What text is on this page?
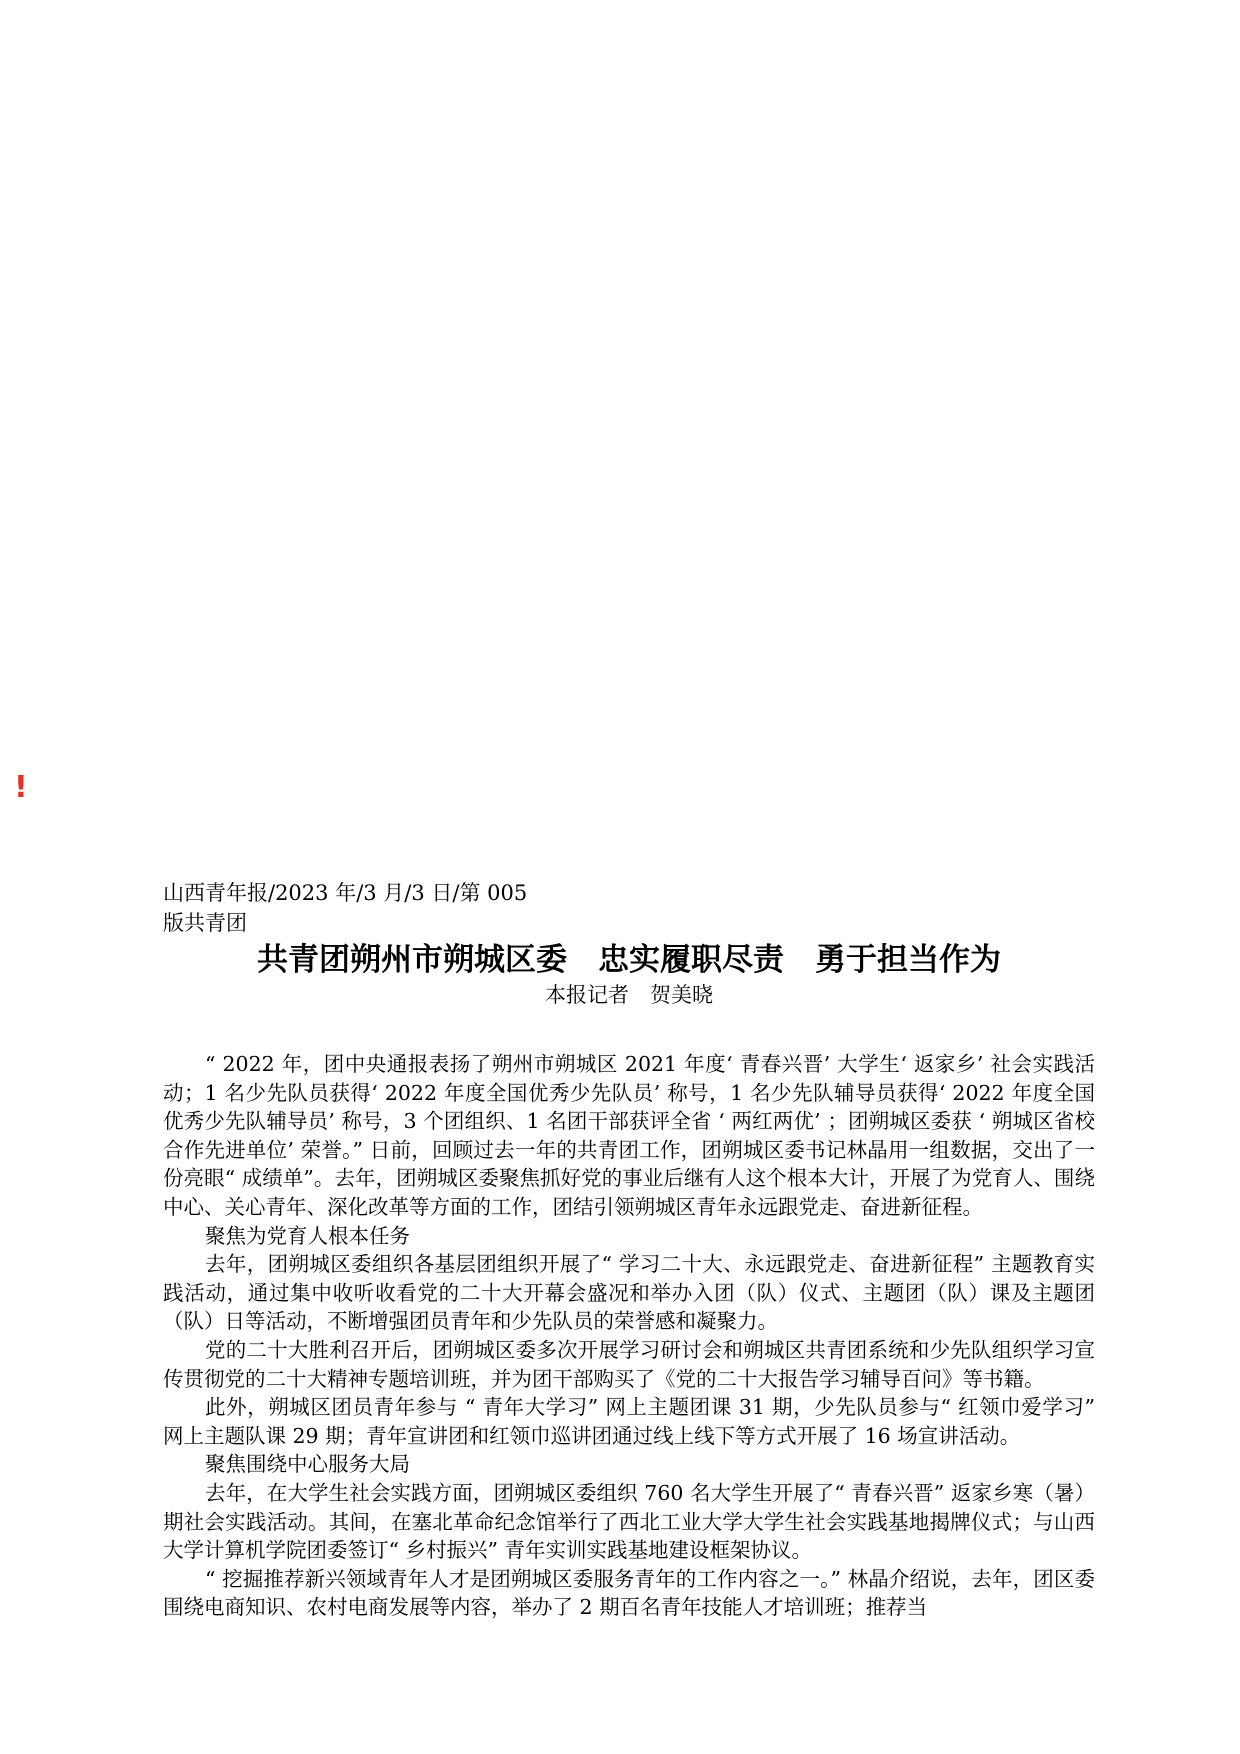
!

山西青年报/2023 年/3 月/3 日/第 005

版共青团

共青团朔州市朔城区委　忠实履职尽责　勇于担当作为

本报记者　贺美晓

“ 2022 年，团中央通报表扬了朔州市朔城区 2021 年度‘ 青春兴晋’ 大学生‘ 返家乡’ 社会实践活动；1 名少先队员获得‘ 2022 年度全国优秀少先队员’ 称号，1 名少先队辅导员获得‘ 2022 年度全国优秀少先队辅导员’ 称号，3 个团组织、1 名团干部获评全省 ‘ 两红两优’ ；团朔城区委获 ‘ 朔城区省校合作先进单位’ 荣誉。” 日前，回顾过去一年的共青团工作，团朔城区委书记林晶用一组数据，交出了一份亮眼“ 成绩单”。去年，团朔城区委聚焦抓好党的事业后继有人这个根本大计，开展了为党育人、围绕中心、关心青年、深化改革等方面的工作，团结引领朔城区青年永远跟党走、奋进新征程。

聚焦为党育人根本任务

去年，团朔城区委组织各基层团组织开展了“ 学习二十大、永远跟党走、奋进新征程” 主题教育实践活动，通过集中收听收看党的二十大开幕会盛况和举办入团（队）仪式、主题团（队）课及主题团（队）日等活动，不断增强团员青年和少先队员的荣誉感和凝聚力。

党的二十大胜利召开后，团朔城区委多次开展学习研讨会和朔城区共青团系统和少先队组织学习宣传贯彻党的二十大精神专题培训班，并为团干部购买了《党的二十大报告学习辅导百问》等书籍。

此外，朔城区团员青年参与 “ 青年大学习” 网上主题团课 31 期，少先队员参与“ 红领巾爱学习” 网上主题队课 29 期；青年宣讲团和红领巾巡讲团通过线上线下等方式开展了 16 场宣讲活动。

聚焦围绕中心服务大局

去年，在大学生社会实践方面，团朔城区委组织 760 名大学生开展了“ 青春兴晋” 返家乡寒（暑）期社会实践活动。其间，在塞北革命纪念馆举行了西北工业大学大学生社会实践基地揭牌仪式；与山西大学计算机学院团委签订“ 乡村振兴” 青年实训实践基地建设框架协议。

“ 挖掘推荐新兴领域青年人才是团朔城区委服务青年的工作内容之一。” 林晶介绍说，去年，团区委围绕电商知识、农村电商发展等内容，举办了 2 期百名青年技能人才培训班；推荐当
